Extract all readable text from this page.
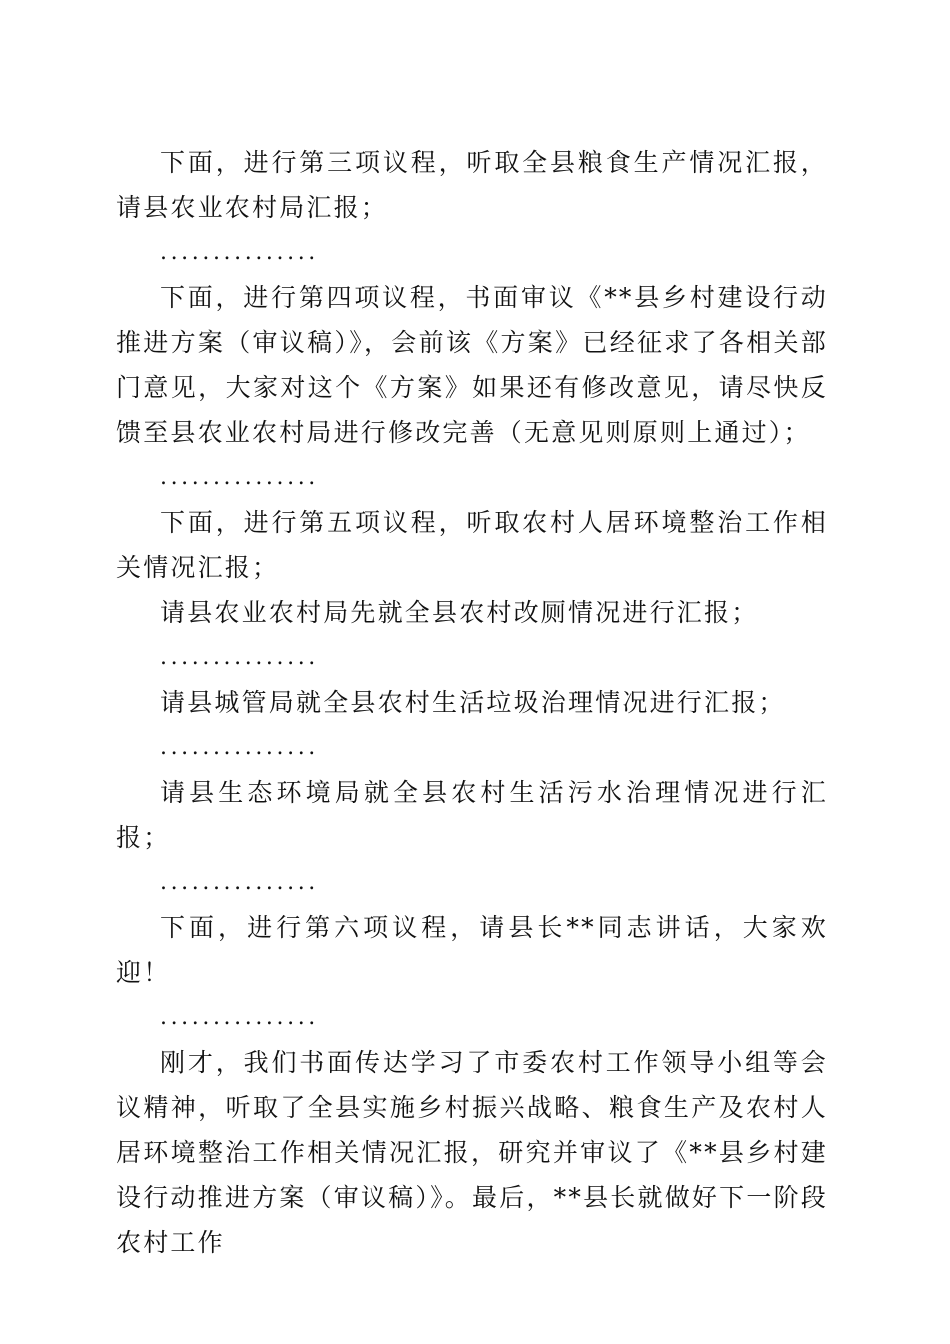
下面，进行第三项议程，听取全县粮食生产情况汇报，请县农业农村局汇报；

...............

下面，进行第四项议程，书面审议《**县乡村建设行动推进方案（审议稿）》，会前该《方案》已经征求了各相关部门意见，大家对这个《方案》如果还有修改意见，请尽快反馈至县农业农村局进行修改完善（无意见则原则上通过）；

...............

下面，进行第五项议程，听取农村人居环境整治工作相关情况汇报；

请县农业农村局先就全县农村改厕情况进行汇报；

...............

请县城管局就全县农村生活垃圾治理情况进行汇报；

...............

请县生态环境局就全县农村生活污水治理情况进行汇报；

...............

下面，进行第六项议程，请县长**同志讲话，大家欢迎！

...............

刚才，我们书面传达学习了市委农村工作领导小组等会议精神，听取了全县实施乡村振兴战略、粮食生产及农村人居环境整治工作相关情况汇报，研究并审议了《**县乡村建设行动推进方案（审议稿）》。最后，**县长就做好下一阶段农村工作
